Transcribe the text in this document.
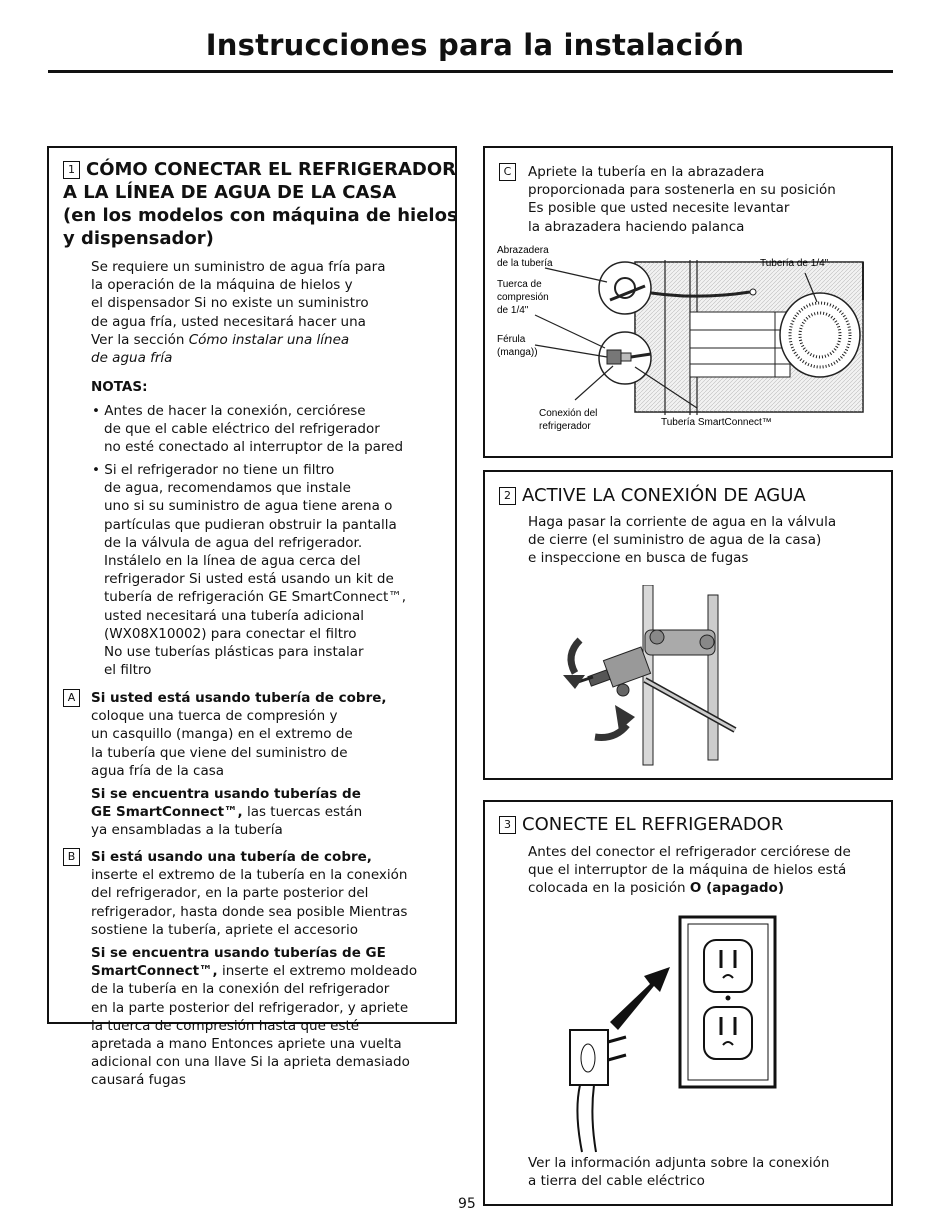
Instrucciones para la instalación
1 CÓMO CONECTAR EL REFRIGERADOR
A LA LÍNEA DE AGUA DE LA CASA
(en los modelos con máquina de hielos
y dispensador)
Se requiere un suministro de agua fría para
la operación de la máquina de hielos y
el dispensador Si no existe un suministro
de agua fría, usted necesitará hacer una
Ver la sección Cómo instalar una línea
de agua fría
NOTAS:
• Antes de hacer la conexión, cerciórese
de que el cable eléctrico del refrigerador
no esté conectado al interruptor de la pared
• Si el refrigerador no tiene un filtro
de agua, recomendamos que instale
uno si su suministro de agua tiene arena o
partículas que pudieran obstruir la pantalla
de la válvula de agua del refrigerador.
Instálelo en la línea de agua cerca del
refrigerador Si usted está usando un kit de
tubería de refrigeración GE SmartConnect™,
usted necesitará una tubería adicional
(WX08X10002) para conectar el filtro
No use tuberías plásticas para instalar
el filtro
A	Si usted está usando tubería de cobre,
coloque una tuerca de compresión y
un casquillo (manga) en el extremo de
la tubería que viene del suministro de
agua fría de la casa
Si se encuentra usando tuberías de
GE SmartConnect™, las tuercas están
ya ensambladas a la tubería
B	Si está usando una tubería de cobre,
inserte el extremo de la tubería en la conexión
del refrigerador, en la parte posterior del
refrigerador, hasta donde sea posible Mientras
sostiene la tubería, apriete el accesorio
Si se encuentra usando tuberías de GE
SmartConnect™, inserte el extremo moldeado
de la tubería en la conexión del refrigerador
en la parte posterior del refrigerador, y apriete
la tuerca de compresión hasta que esté
apretada a mano Entonces apriete una vuelta
adicional con una llave Si la aprieta demasiado
causará fugas
C	Apriete la tubería en la abrazadera
proporcionada para sostenerla en su posición
Es posible que usted necesite levantar
la abrazadera haciendo palanca
Abrazadera
de la tubería
Tuerca de
compresión
de 1/4"
Férula
(manga))
Conexión del
refrigerador
Tubería de 1/4"
Tubería SmartConnect™
2 ACTIVE LA CONEXIÓN DE AGUA
Haga pasar la corriente de agua en la válvula
de cierre (el suministro de agua de la casa)
e inspeccione en busca de fugas
3 CONECTE EL REFRIGERADOR
Antes del conector el refrigerador cerciórese de
que el interruptor de la máquina de hielos está
colocada en la posición O (apagado)
Ver la información adjunta sobre la conexión
a tierra del cable eléctrico
95
